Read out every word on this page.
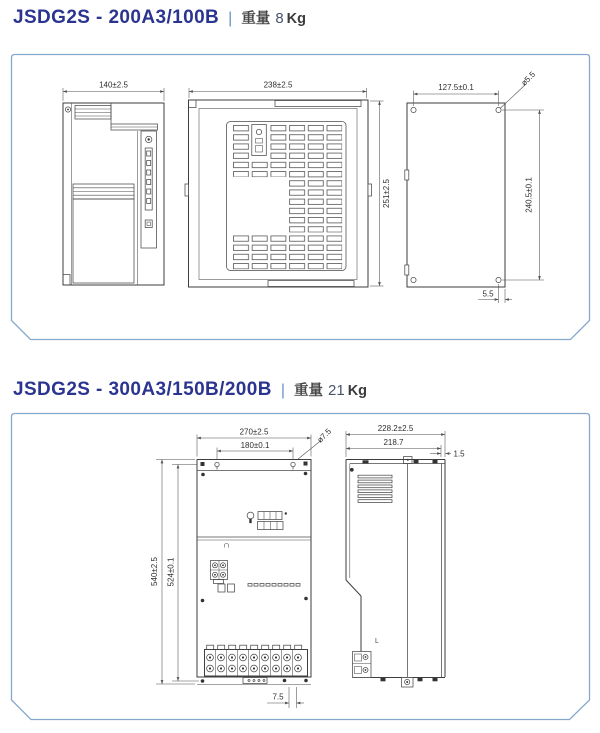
JSDG2S - 200A3/100B | 重量 8 Kg
JSDG2S - 300A3/150B/200B | 重量 21 Kg
140±2.5	238±2.5
251±2.5
127.5±0.1	ø5.5
240.5±0.1
5.5
270±2.5
180±0.1
ø7.5
540±2.5 524±0.1
7.5
228.2±2.5
218.7
1.5
L
